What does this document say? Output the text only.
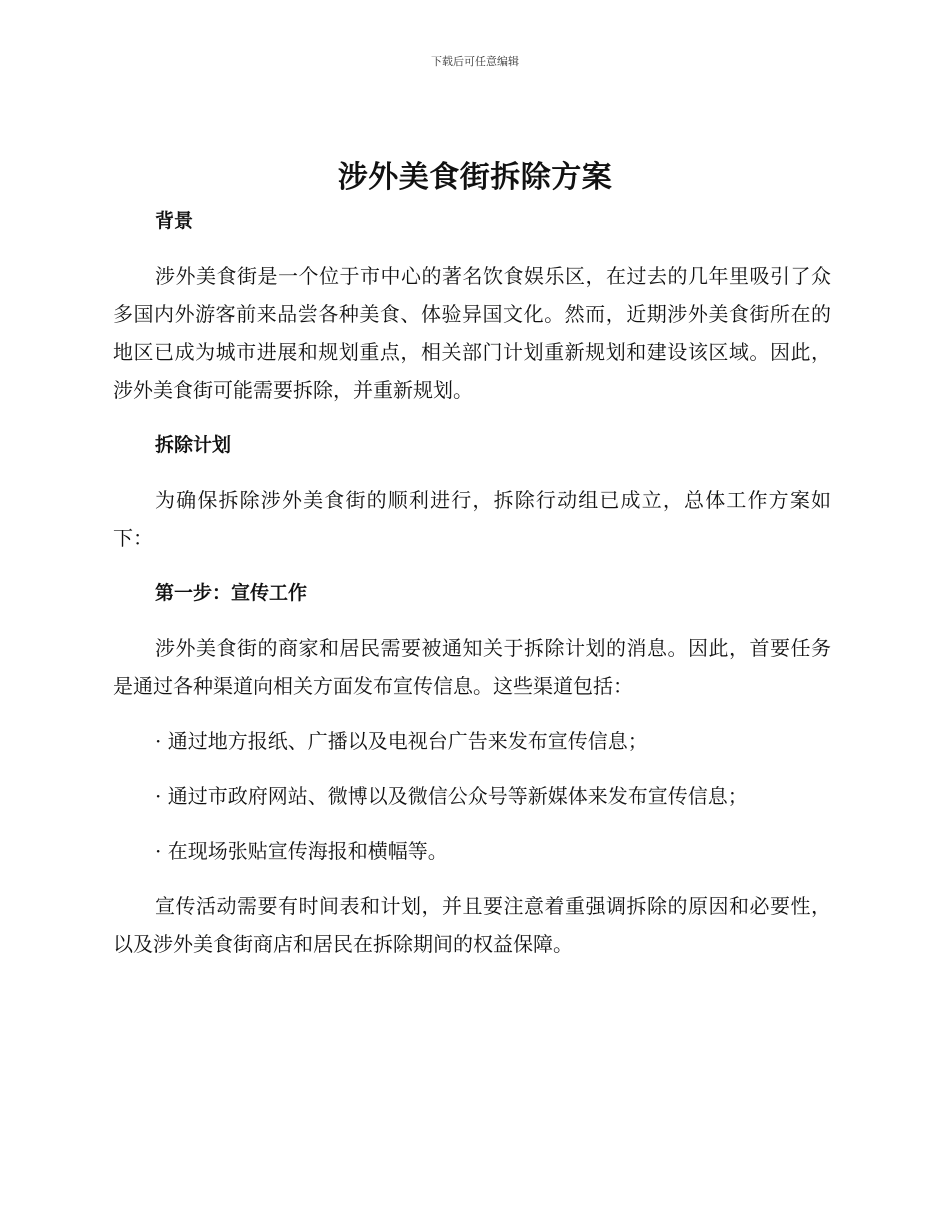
下载后可任意编辑
涉外美食街拆除方案
背景

涉外美食街是一个位于市中心的著名饮食娱乐区，在过去的几年里吸引了众多国内外游客前来品尝各种美食、体验异国文化。然而，近期涉外美食街所在的地区已成为城市进展和规划重点，相关部门计划重新规划和建设该区域。因此，涉外美食街可能需要拆除，并重新规划。

拆除计划

为确保拆除涉外美食街的顺利进行，拆除行动组已成立，总体工作方案如下：

第一步：宣传工作

涉外美食街的商家和居民需要被通知关于拆除计划的消息。因此，首要任务是通过各种渠道向相关方面发布宣传信息。这些渠道包括：

· 通过地方报纸、广播以及电视台广告来发布宣传信息；
· 通过市政府网站、微博以及微信公众号等新媒体来发布宣传信息；
· 在现场张贴宣传海报和横幅等。

宣传活动需要有时间表和计划，并且要注意着重强调拆除的原因和必要性，以及涉外美食街商店和居民在拆除期间的权益保障。
